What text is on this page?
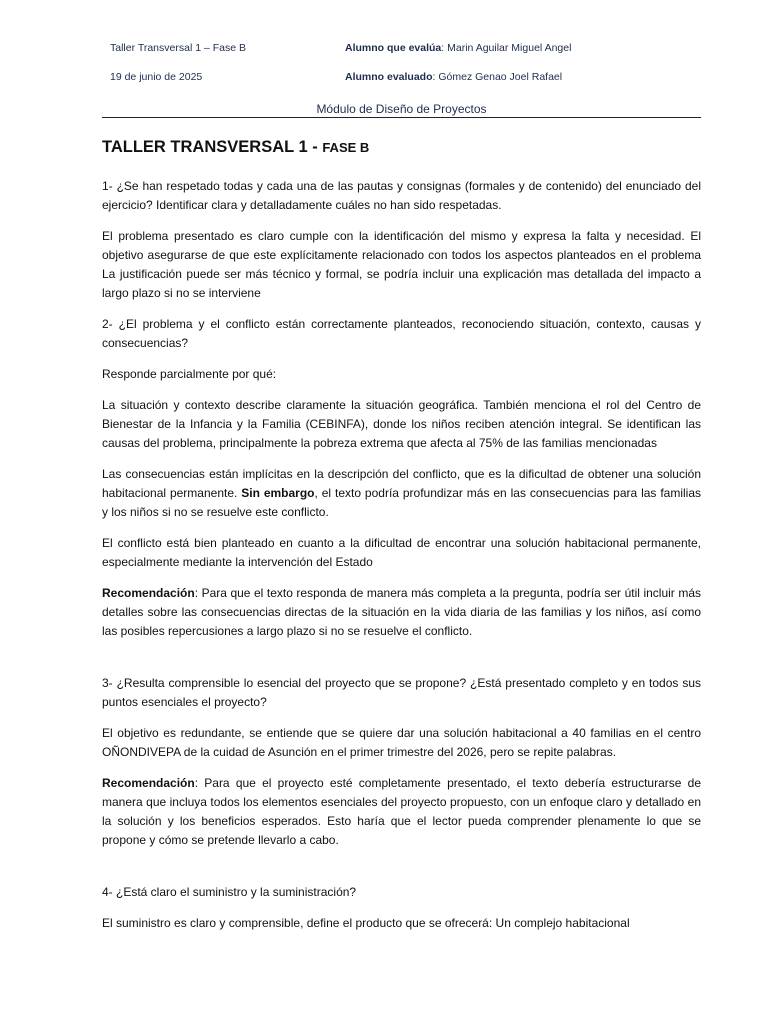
Taller Transversal 1 – Fase B
19 de junio de 2025
Alumno que evalúa: Marin Aguilar Miguel Angel
Alumno evaluado: Gómez Genao Joel Rafael
Módulo de Diseño de Proyectos
TALLER TRANSVERSAL 1 - FASE B

1- ¿Se han respetado todas y cada una de las pautas y consignas (formales y de contenido) del enunciado del ejercicio? Identificar clara y detalladamente cuáles no han sido respetadas.

El problema presentado es claro cumple con la identificación del mismo y expresa la falta y necesidad. El objetivo asegurarse de que este explícitamente relacionado con todos los aspectos planteados en el problema La justificación puede ser más técnico y formal, se podría incluir una explicación mas detallada del impacto a largo plazo si no se interviene

2- ¿El problema y el conflicto están correctamente planteados, reconociendo situación, contexto, causas y consecuencias?

Responde parcialmente por qué:

La situación y contexto describe claramente la situación geográfica. También menciona el rol del Centro de Bienestar de la Infancia y la Familia (CEBINFA), donde los niños reciben atención integral. Se identifican las causas del problema, principalmente la pobreza extrema que afecta al 75% de las familias mencionadas

Las consecuencias están implícitas en la descripción del conflicto, que es la dificultad de obtener una solución habitacional permanente. Sin embargo, el texto podría profundizar más en las consecuencias para las familias y los niños si no se resuelve este conflicto.

El conflicto está bien planteado en cuanto a la dificultad de encontrar una solución habitacional permanente, especialmente mediante la intervención del Estado

Recomendación: Para que el texto responda de manera más completa a la pregunta, podría ser útil incluir más detalles sobre las consecuencias directas de la situación en la vida diaria de las familias y los niños, así como las posibles repercusiones a largo plazo si no se resuelve el conflicto.

3- ¿Resulta comprensible lo esencial del proyecto que se propone? ¿Está presentado completo y en todos sus puntos esenciales el proyecto?

El objetivo es redundante, se entiende que se quiere dar una solución habitacional a 40 familias en el centro OÑONDIVEPA de la cuidad de Asunción en el primer trimestre del 2026, pero se repite palabras.

Recomendación: Para que el proyecto esté completamente presentado, el texto debería estructurarse de manera que incluya todos los elementos esenciales del proyecto propuesto, con un enfoque claro y detallado en la solución y los beneficios esperados. Esto haría que el lector pueda comprender plenamente lo que se propone y cómo se pretende llevarlo a cabo.

4- ¿Está claro el suministro y la suministración?

El suministro es claro y comprensible, define el producto que se ofrecerá: Un complejo habitacional
